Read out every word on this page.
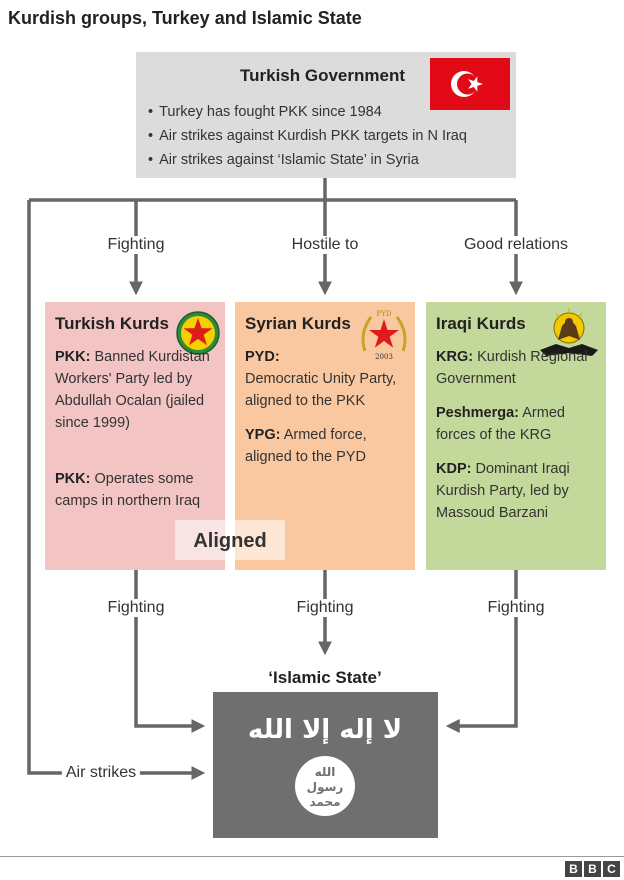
Kurdish groups, Turkey and Islamic State
Turkish Government
• Turkey has fought PKK since 1984
• Air strikes against Kurdish PKK targets in N Iraq
• Air strikes against ‘Islamic State’ in Syria
Fighting	Hostile to	Good relations
Turkish Kurds
PKK: Banned Kurdistan Workers' Party led by Abdullah Ocalan (jailed since 1999)
PKK: Operates some camps in northern Iraq
Syrian Kurds	PYD
2003
PYD:
Democratic Unity Party, aligned to the PKK
YPG: Armed force, aligned to the PYD
Iraqi Kurds
KRG: Kurdish Regional Government
Peshmerga: Armed forces of the KRG
KDP: Dominant Iraqi Kurdish Party, led by Massoud Barzani
Aligned
Fighting	Fighting	Fighting
Air strikes
‘Islamic State’
لا إله إلا الله
الله
رسول
محمد
B B C
